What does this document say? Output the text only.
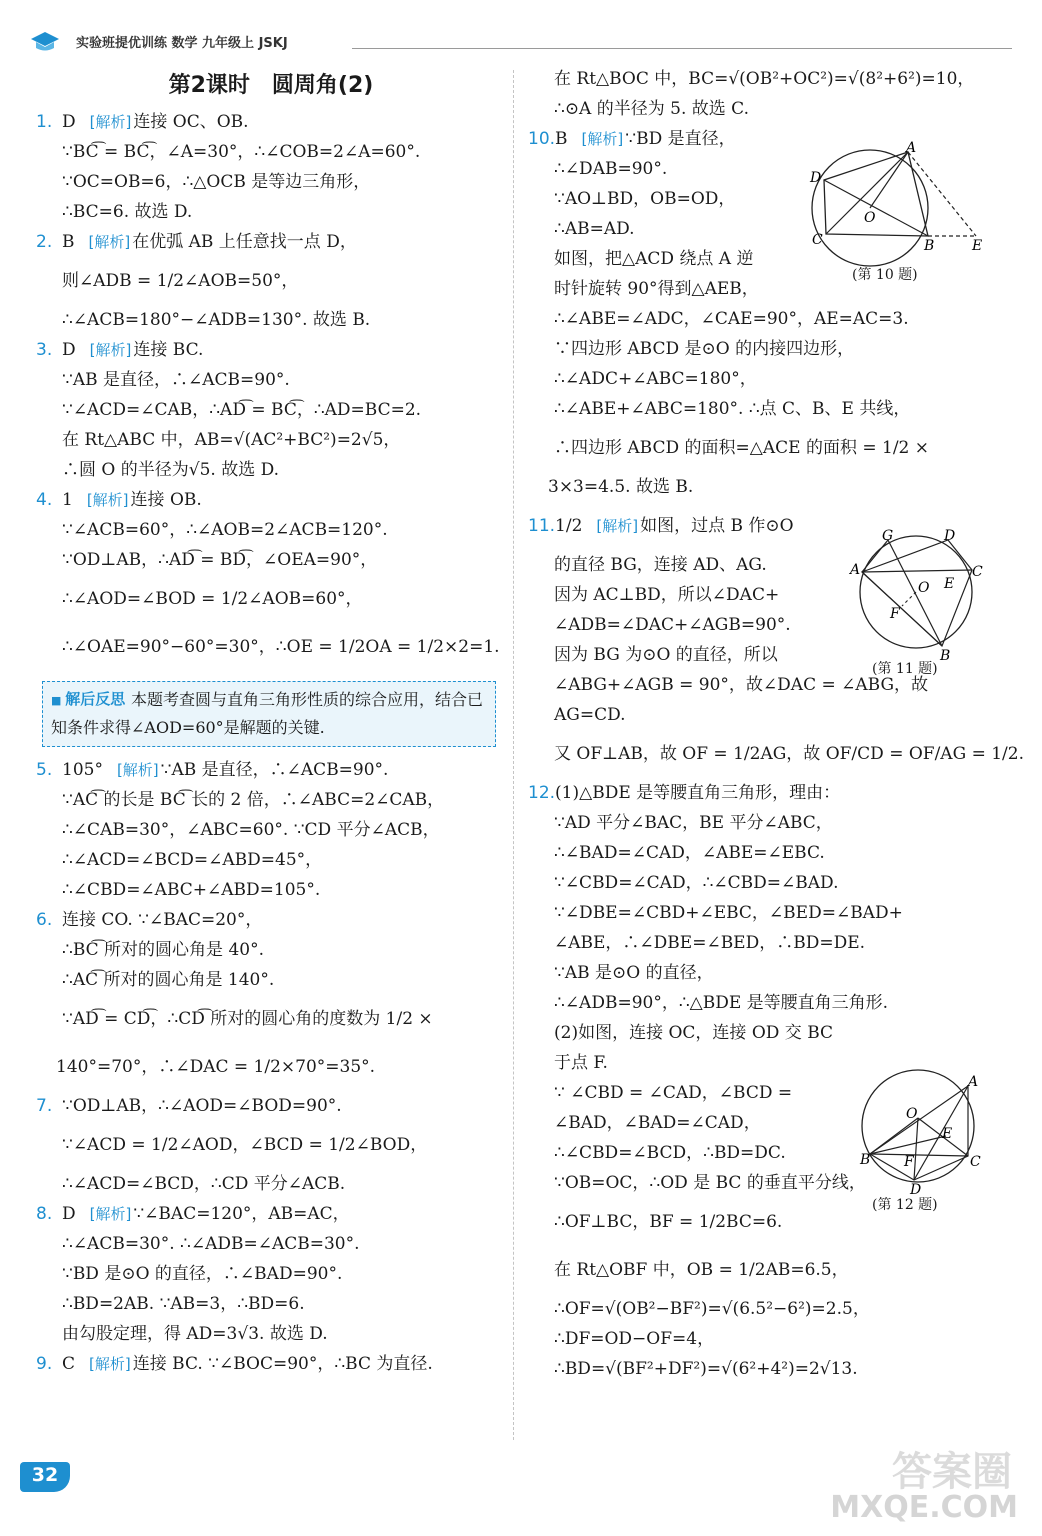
实验班提优训练 数学 九年级上 JSKJ
第2课时　圆周角(2)
1. D [解析] 连接 OC、OB.
∵BC͡ = BC͡，∠A=30°，∴∠COB=2∠A=60°.
∵OC=OB=6，∴△OCB 是等边三角形，
∴BC=6. 故选 D.
2. B [解析] 在优弧 AB 上任意找一点 D，
则∠ADB = 1/2∠AOB=50°，
∴∠ACB=180°−∠ADB=130°. 故选 B.
3. D [解析] 连接 BC.
∵AB 是直径，∴∠ACB=90°.
∵∠ACD=∠CAB，∴AD͡ = BC͡，∴AD=BC=2.
在 Rt△ABC 中，AB=√(AC²+BC²)=2√5，
∴圆 O 的半径为√5. 故选 D.
4. 1 [解析] 连接 OB.
∵∠ACB=60°，∴∠AOB=2∠ACB=120°.
∵OD⊥AB，∴AD͡ = BD͡，∠OEA=90°，
∴∠AOD=∠BOD = 1/2∠AOB=60°，
∴∠OAE=90°−60°=30°，∴OE = 1/2OA = 1/2×2=1.
■ 解后反思 本题考查圆与直角三角形性质的综合应用，结合已知条件求得∠AOD=60°是解题的关键.
5. 105° [解析] ∵AB 是直径，∴∠ACB=90°.
∵AC͡ 的长是 BC͡ 长的 2 倍，∴∠ABC=2∠CAB，
∴∠CAB=30°，∠ABC=60°. ∵CD 平分∠ACB，
∴∠ACD=∠BCD=∠ABD=45°，
∴∠CBD=∠ABC+∠ABD=105°.
6. 连接 CO. ∵∠BAC=20°，
∴BC͡ 所对的圆心角是 40°.
∴AC͡ 所对的圆心角是 140°.
∵AD͡ = CD͡，∴CD͡ 所对的圆心角的度数为 1/2 ×
140°=70°，∴∠DAC = 1/2×70°=35°.
7. ∵OD⊥AB，∴∠AOD=∠BOD=90°.
∵∠ACD = 1/2∠AOD，∠BCD = 1/2∠BOD，
∴∠ACD=∠BCD，∴CD 平分∠ACB.
8. D [解析] ∵∠BAC=120°，AB=AC，
∴∠ACB=30°. ∴∠ADB=∠ACB=30°.
∵BD 是⊙O 的直径，∴∠BAD=90°.
∴BD=2AB. ∵AB=3，∴BD=6.
由勾股定理，得 AD=3√3. 故选 D.
9. C [解析] 连接 BC. ∵∠BOC=90°，∴BC 为直径.
在 Rt△BOC 中，BC=√(OB²+OC²)=√(8²+6²)=10，
∴⊙A 的半径为 5. 故选 C.
10.B [解析] ∵BD 是直径，
∴∠DAB=90°.
∵AO⊥BD，OB=OD，
∴AB=AD.
如图，把△ACD 绕点 A 逆
时针旋转 90°得到△AEB，
∴∠ABE=∠ADC，∠CAE=90°，AE=AC=3.
∵四边形 ABCD 是⊙O 的内接四边形，
∴∠ADC+∠ABC=180°，
∴∠ABE+∠ABC=180°. ∴点 C、B、E 共线，
∴四边形 ABCD 的面积=△ACE 的面积 = 1/2 ×
3×3=4.5. 故选 B.
11.1/2 [解析] 如图，过点 B 作⊙O
的直径 BG，连接 AD、AG.
因为 AC⊥BD，所以∠DAC+
∠ADB=∠DAC+∠AGB=90°.
因为 BG 为⊙O 的直径，所以
∠ABG+∠AGB = 90°，故∠DAC = ∠ABG，故
AG=CD.
又 OF⊥AB，故 OF = 1/2AG，故 OF/CD = OF/AG = 1/2.
12.(1)△BDE 是等腰直角三角形，理由：
∵AD 平分∠BAC，BE 平分∠ABC，
∴∠BAD=∠CAD，∠ABE=∠EBC.
∵∠CBD=∠CAD，∴∠CBD=∠BAD.
∵∠DBE=∠CBD+∠EBC，∠BED=∠BAD+
∠ABE，∴∠DBE=∠BED，∴BD=DE.
∵AB 是⊙O 的直径，
∴∠ADB=90°，∴△BDE 是等腰直角三角形.
(2)如图，连接 OC，连接 OD 交 BC
于点 F.
∵ ∠CBD = ∠CAD，∠BCD =
∠BAD，∠BAD=∠CAD，
∴∠CBD=∠BCD，∴BD=DC.
∵OB=OC，∴OD 是 BC 的垂直平分线，
∴OF⊥BC，BF = 1/2BC=6.
在 Rt△OBF 中，OB = 1/2AB=6.5，
∴OF=√(OB²−BF²)=√(6.5²−6²)=2.5，
∴DF=OD−OF=4，
∴BD=√(BF²+DF²)=√(6²+4²)=2√13.
A
D
O
C	B	E
(第 10 题)
G	D
A
O E
C
F
B
(第 11 题)
A
O
E
B F	C
D
(第 12 题)
32	答案圈
MXQE.COM
